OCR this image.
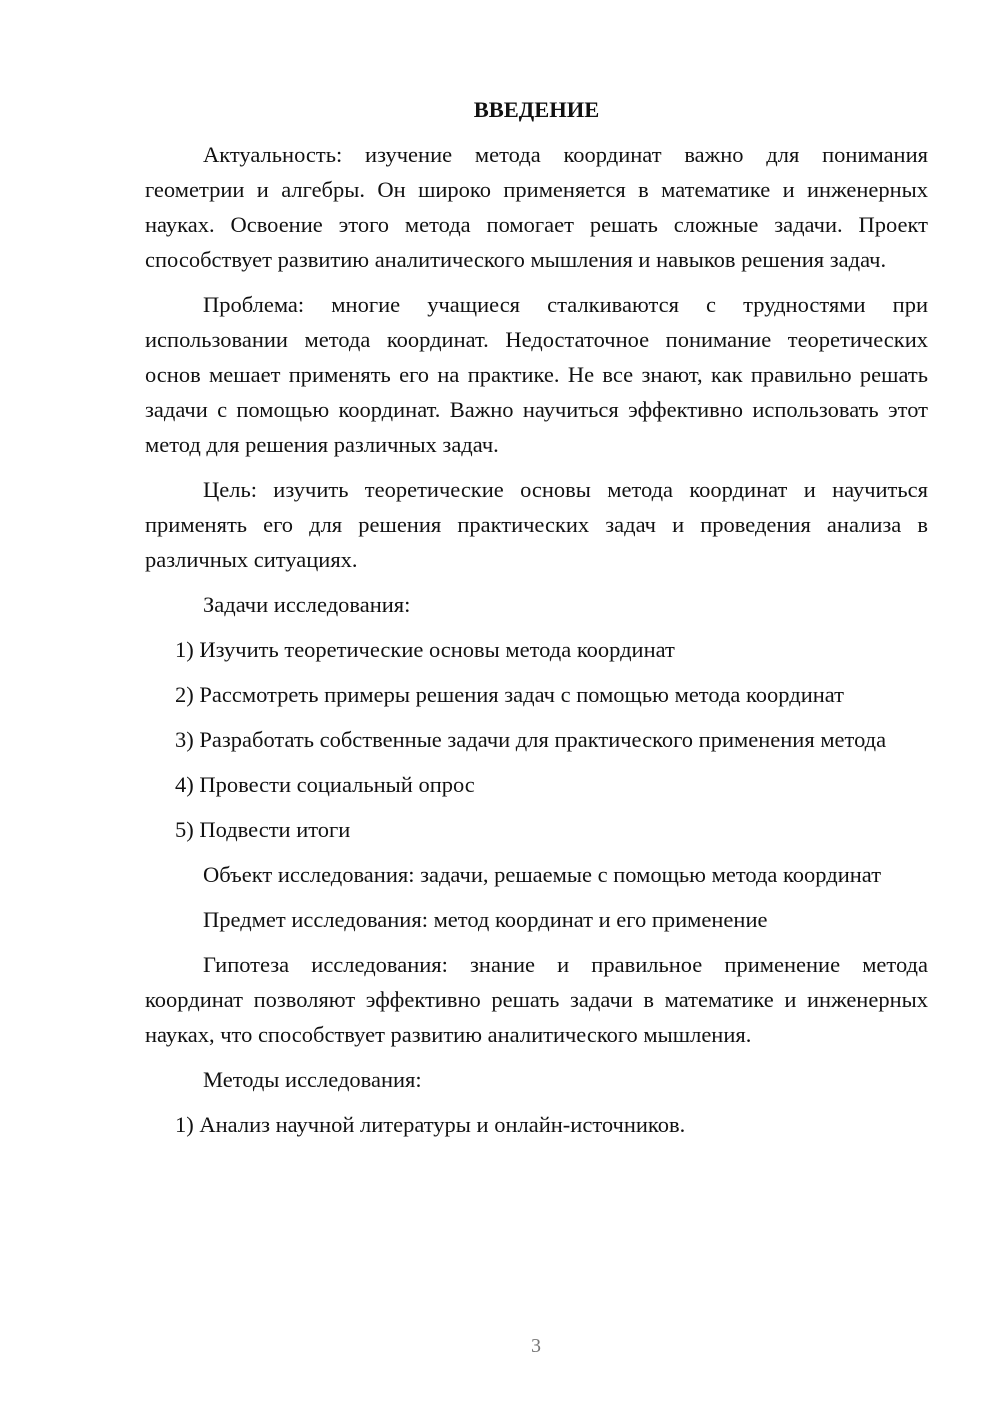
ВВЕДЕНИЕ

Актуальность: изучение метода координат важно для понимания геометрии и алгебры. Он широко применяется в математике и инженерных науках. Освоение этого метода помогает решать сложные задачи. Проект способствует развитию аналитического мышления и навыков решения задач.

Проблема: многие учащиеся сталкиваются с трудностями при использовании метода координат. Недостаточное понимание теоретических основ мешает применять его на практике. Не все знают, как правильно решать задачи с помощью координат. Важно научиться эффективно использовать этот метод для решения различных задач.

Цель: изучить теоретические основы метода координат и научиться применять его для решения практических задач и проведения анализа в различных ситуациях.

Задачи исследования:

1) Изучить теоретические основы метода координат

2) Рассмотреть примеры решения задач с помощью метода координат

3) Разработать собственные задачи для практического применения метода

4) Провести социальный опрос

5) Подвести итоги

Объект исследования: задачи, решаемые с помощью метода координат

Предмет исследования: метод координат и его применение

Гипотеза исследования: знание и правильное применение метода координат позволяют эффективно решать задачи в математике и инженерных науках, что способствует развитию аналитического мышления.

Методы исследования:

1) Анализ научной литературы и онлайн-источников.

3
